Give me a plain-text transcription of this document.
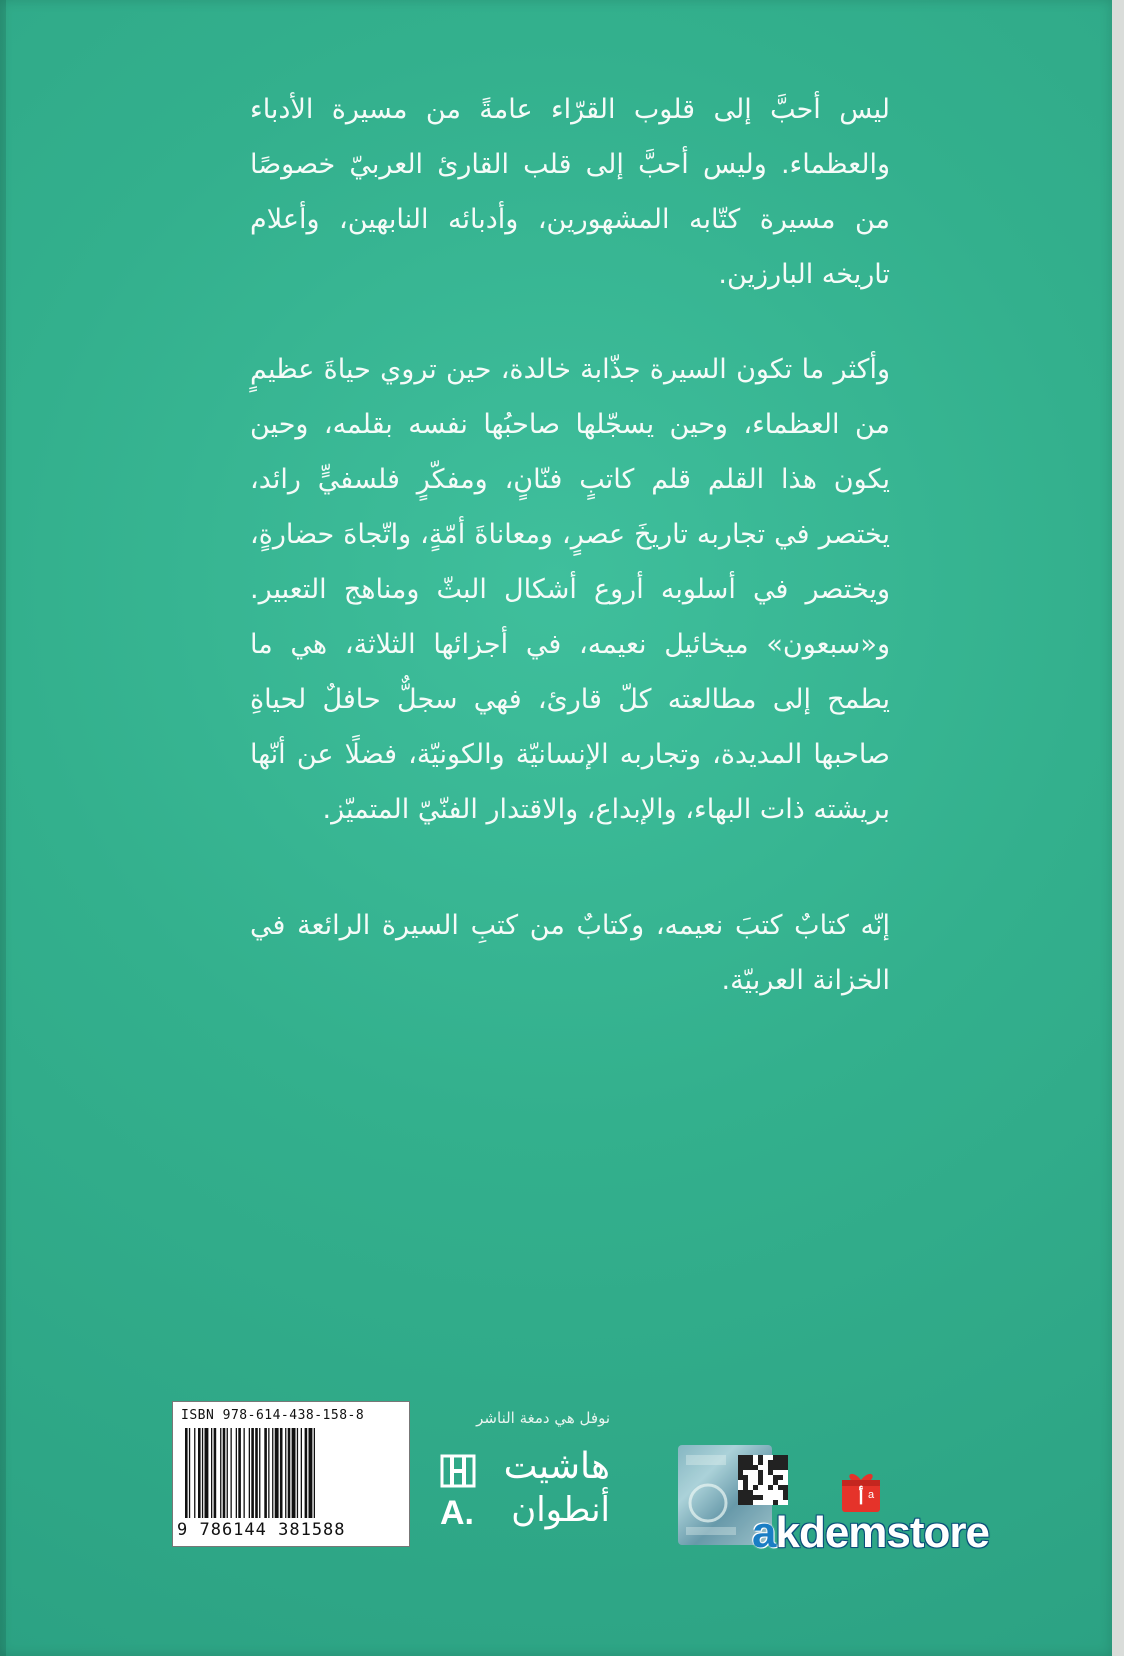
ليس أحبَّ إلى قلوب القرّاء عامةً من مسيرة الأدباء والعظماء. وليس أحبَّ إلى قلب القارئ العربيّ خصوصًا من مسيرة كتّابه المشهورين، وأدبائه النابهين، وأعلام تاريخه البارزين.

وأكثر ما تكون السيرة جذّابة خالدة، حين تروي حياةَ عظيمٍ من العظماء، وحين يسجّلها صاحبُها نفسه بقلمه، وحين يكون هذا القلم قلم كاتبٍ فنّانٍ، ومفكّرٍ فلسفيٍّ رائد، يختصر في تجاربه تاريخَ عصرٍ، ومعاناةَ أمّةٍ، واتّجاهَ حضارةٍ، ويختصر في أسلوبه أروع أشكال البثّ ومناهج التعبير. و«سبعون» ميخائيل نعيمه، في أجزائها الثلاثة، هي ما يطمح إلى مطالعته كلّ قارئ، فهي سجلٌّ حافلٌ لحياةِ صاحبها المديدة، وتجاربه الإنسانيّة والكونيّة، فضلًا عن أنّها بريشته ذات البهاء، والإبداع، والاقتدار الفنّيّ المتميّز.

إنّه كتابٌ كتبَ نعيمه، وكتابٌ من كتبِ السيرة الرائعة في الخزانة العربيّة.

ISBN 978-614-438-158-8
9 786144 381588
نوفل هي دمغة الناشر
هاشيت
A. أنطوان	أ a
akdemstore
